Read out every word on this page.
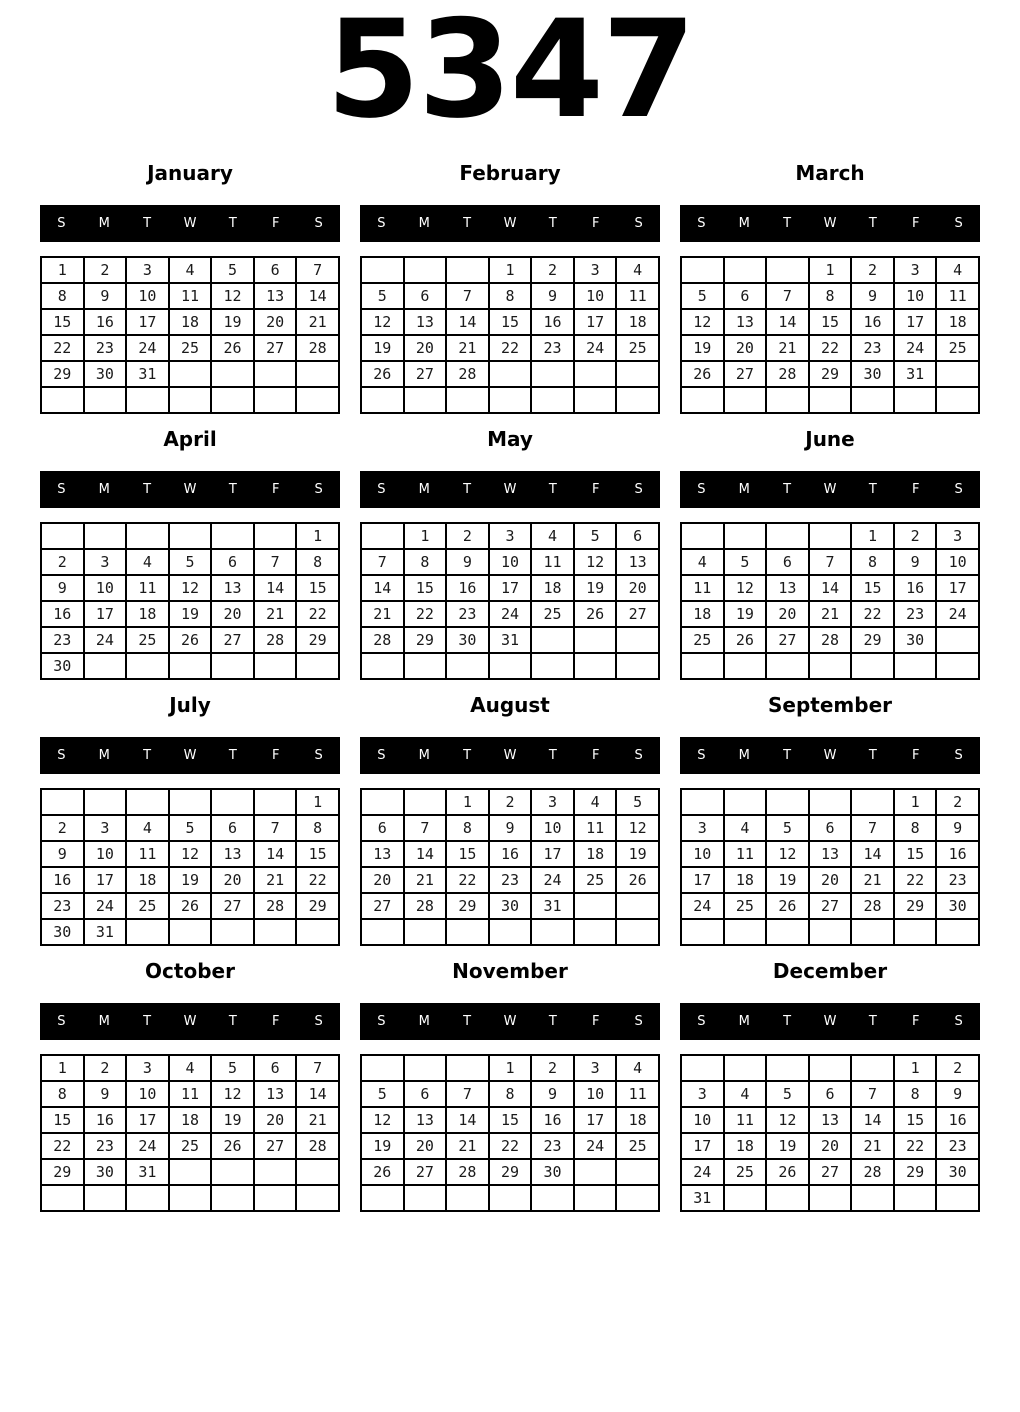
5347
January
S	M	T	W	T	F	S
1	2	3	4	5	6	7
8	9	10	11	12	13	14
15	16	17	18	19	20	21
22	23	24	25	26	27	28
29	30	31				

February
S	M	T	W	T	F	S
			1	2	3	4
5	6	7	8	9	10	11
12	13	14	15	16	17	18
19	20	21	22	23	24	25
26	27	28				

March
S	M	T	W	T	F	S
			1	2	3	4
5	6	7	8	9	10	11
12	13	14	15	16	17	18
19	20	21	22	23	24	25
26	27	28	29	30	31	

April
S	M	T	W	T	F	S
						1
2	3	4	5	6	7	8
9	10	11	12	13	14	15
16	17	18	19	20	21	22
23	24	25	26	27	28	29
30						
May
S	M	T	W	T	F	S
	1	2	3	4	5	6
7	8	9	10	11	12	13
14	15	16	17	18	19	20
21	22	23	24	25	26	27
28	29	30	31			

June
S	M	T	W	T	F	S
				1	2	3
4	5	6	7	8	9	10
11	12	13	14	15	16	17
18	19	20	21	22	23	24
25	26	27	28	29	30	

July
S	M	T	W	T	F	S
						1
2	3	4	5	6	7	8
9	10	11	12	13	14	15
16	17	18	19	20	21	22
23	24	25	26	27	28	29
30	31					
August
S	M	T	W	T	F	S
		1	2	3	4	5
6	7	8	9	10	11	12
13	14	15	16	17	18	19
20	21	22	23	24	25	26
27	28	29	30	31		

September
S	M	T	W	T	F	S
					1	2
3	4	5	6	7	8	9
10	11	12	13	14	15	16
17	18	19	20	21	22	23
24	25	26	27	28	29	30

October
S	M	T	W	T	F	S
1	2	3	4	5	6	7
8	9	10	11	12	13	14
15	16	17	18	19	20	21
22	23	24	25	26	27	28
29	30	31				

November
S	M	T	W	T	F	S
			1	2	3	4
5	6	7	8	9	10	11
12	13	14	15	16	17	18
19	20	21	22	23	24	25
26	27	28	29	30		

December
S	M	T	W	T	F	S
					1	2
3	4	5	6	7	8	9
10	11	12	13	14	15	16
17	18	19	20	21	22	23
24	25	26	27	28	29	30
31						
